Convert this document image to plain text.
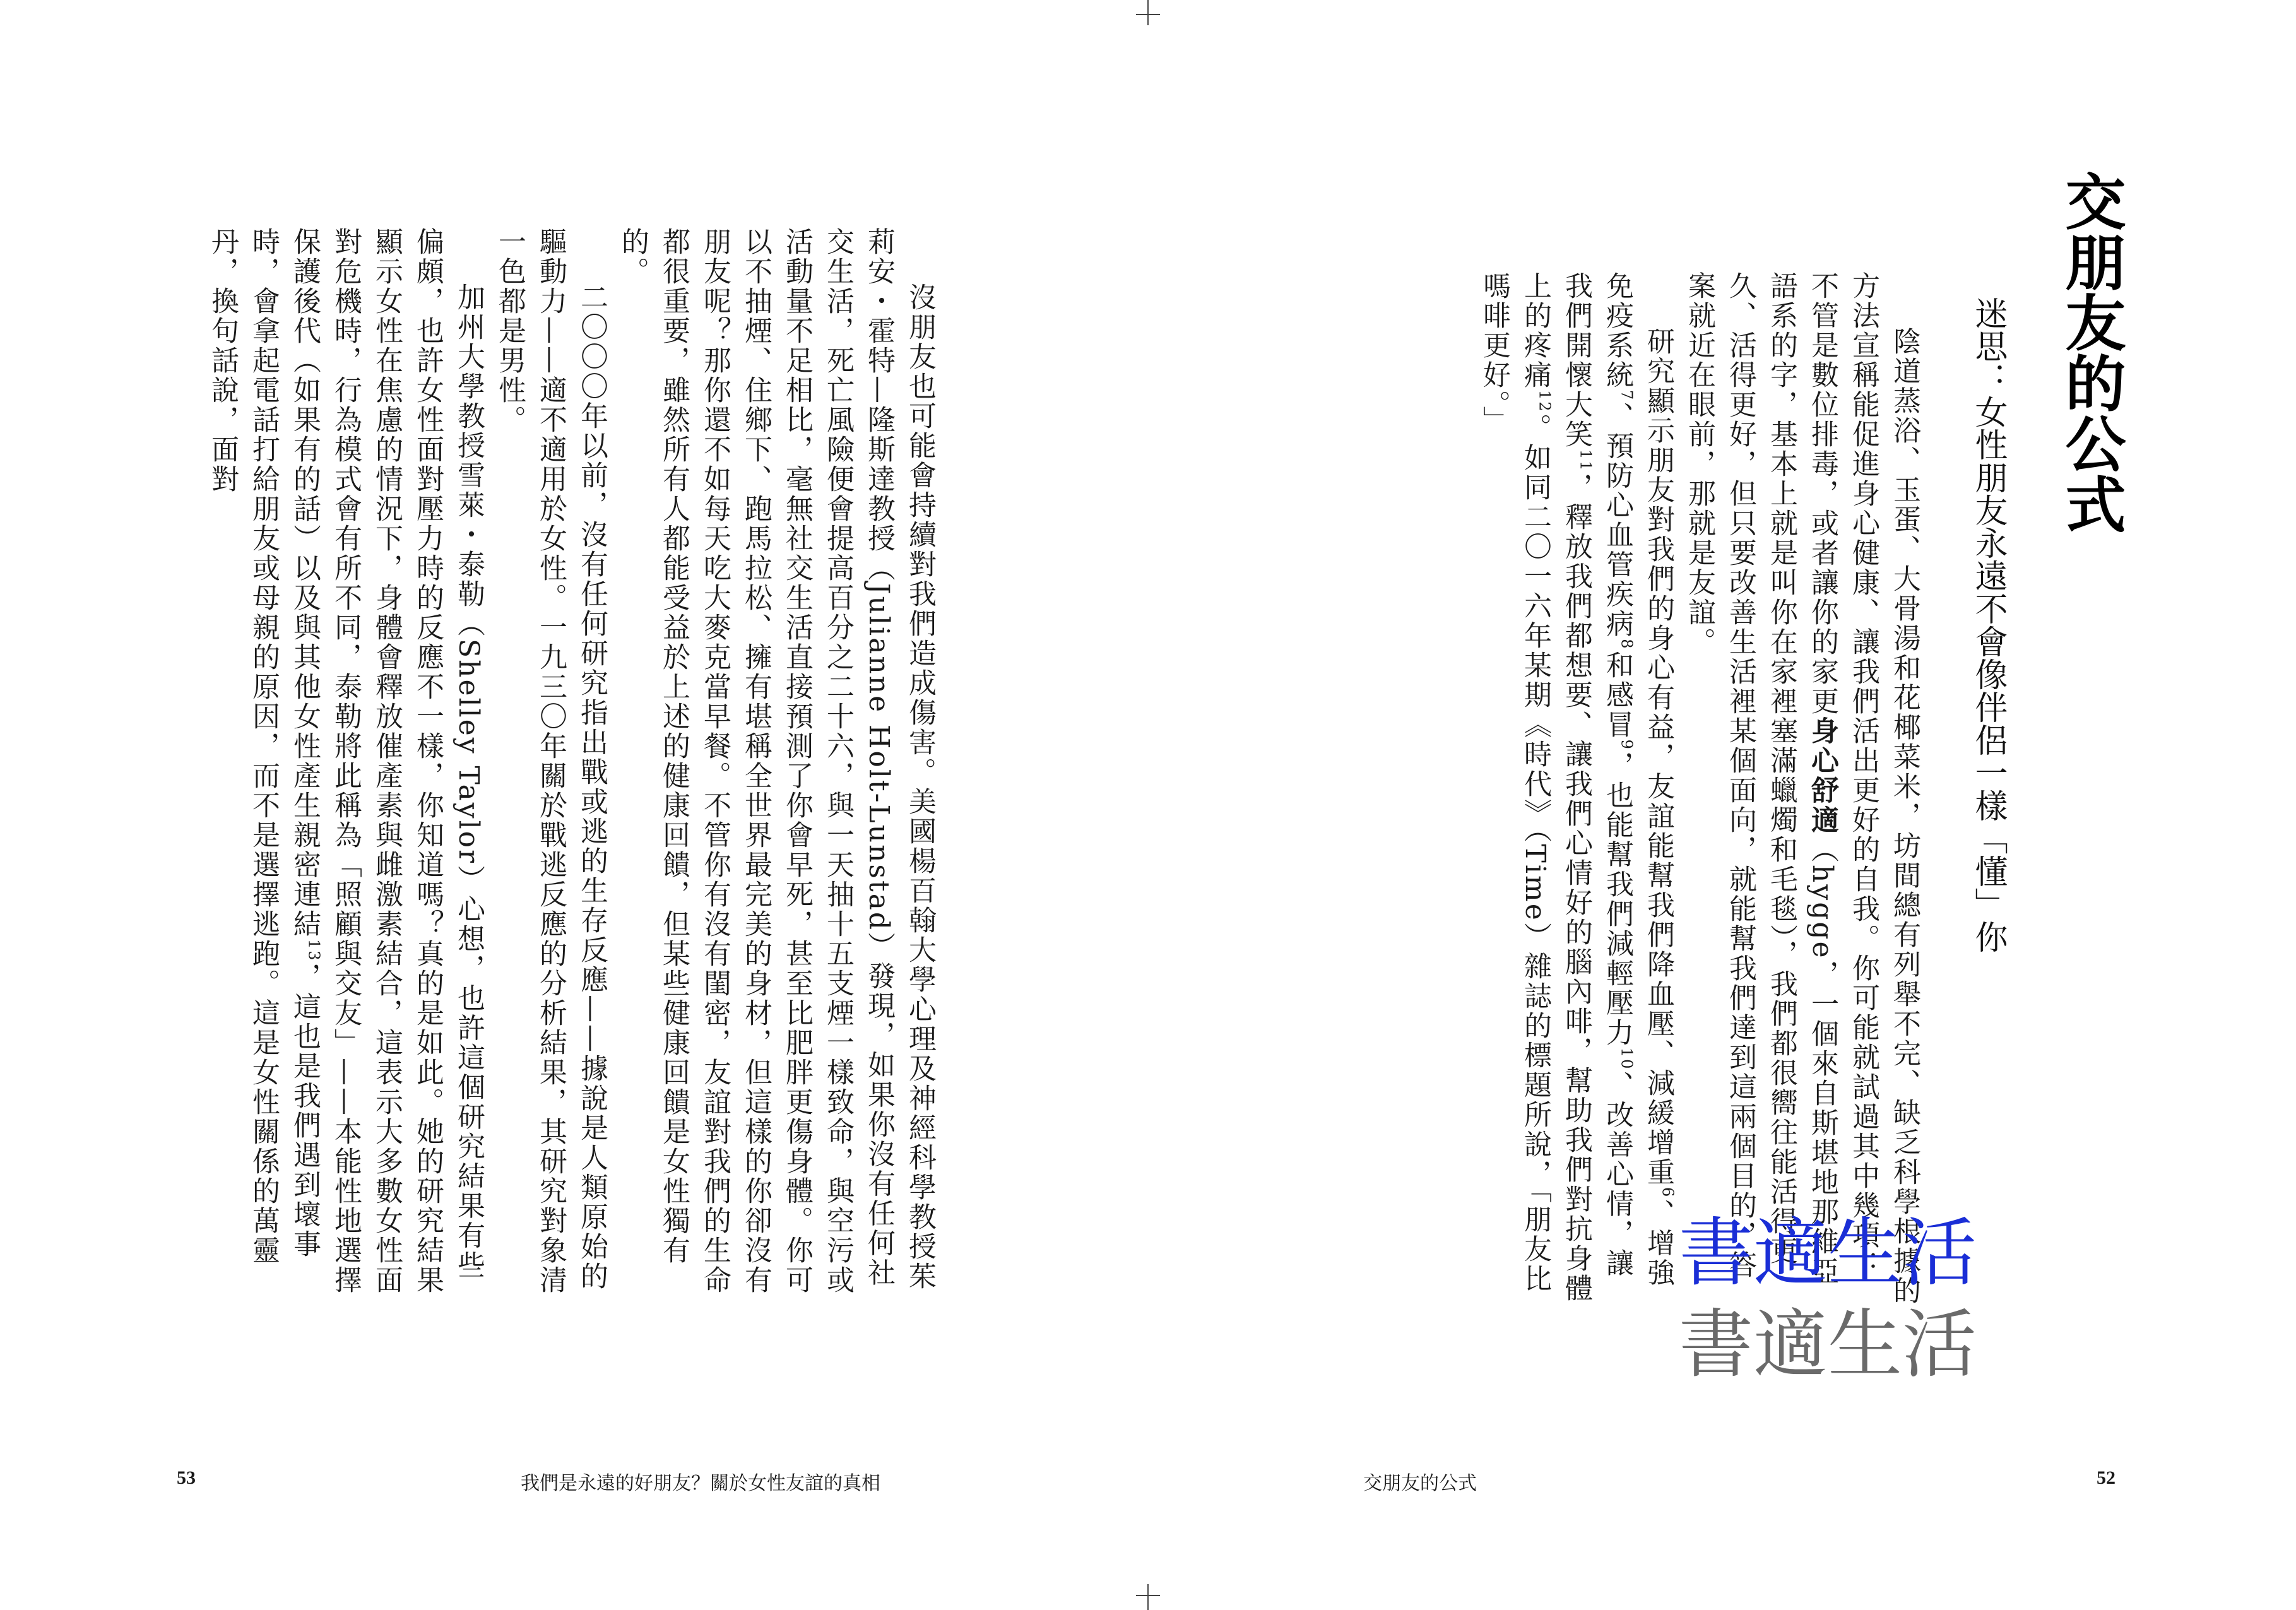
交朋友的公式
迷思：女性朋友永遠不會像伴侶一樣「懂」你

陰道蒸浴、玉蛋、大骨湯和花椰菜米，坊間總有列舉不完、缺乏科學根據的方法宣稱能促進身心健康、讓我們活出更好的自我。你可能就試過其中幾項：不管是數位排毒，或者讓你的家更身心舒適（hygge，一個來自斯堪地那維亞語系的字，基本上就是叫你在家裡塞滿蠟燭和毛毯），我們都很嚮往能活得更久、活得更好，但只要改善生活裡某個面向，就能幫我們達到這兩個目的，答案就近在眼前，那就是友誼。

研究顯示朋友對我們的身心有益，友誼能幫我們降血壓、減緩增重$^6$、增強免疫系統$^7$、預防心血管疾病$^8$和感冒$^9$，也能幫我們減輕壓力$^{10}$、改善心情，讓我們開懷大笑$^{11}$，釋放我們都想要、讓我們心情好的腦內啡，幫助我們對抗身體上的疼痛$^{12}$。如同二〇一六年某期《時代》（Time）雜誌的標題所說，「朋友比嗎啡更好。」

沒朋友也可能會持續對我們造成傷害。美國楊百翰大學心理及神經科學教授茱莉安・霍特—隆斯達教授（Julianne Holt-Lunstad）發現，如果你沒有任何社交生活，死亡風險便會提高百分之二十六，與一天抽十五支煙一樣致命，與空污或活動量不足相比，毫無社交生活直接預測了你會早死，甚至比肥胖更傷身體。你可以不抽煙、住鄉下、跑馬拉松、擁有堪稱全世界最完美的身材，但這樣的你卻沒有朋友呢？那你還不如每天吃大麥克當早餐。不管你有沒有閨密，友誼對我們的生命都很重要，雖然所有人都能受益於上述的健康回饋，但某些健康回饋是女性獨有的。

二〇〇〇年以前，沒有任何研究指出戰或逃的生存反應——據說是人類原始的驅動力——適不適用於女性。一九三〇年關於戰逃反應的分析結果，其研究對象清一色都是男性。

加州大學教授雪萊・泰勒（Shelley Taylor）心想，也許這個研究結果有些偏頗，也許女性面對壓力時的反應不一樣，你知道嗎？真的是如此。她的研究結果顯示女性在焦慮的情況下，身體會釋放催產素與雌激素結合，這表示大多數女性面對危機時，行為模式會有所不同，泰勒將此稱為「照顧與交友」——本能性地選擇保護後代（如果有的話）以及與其他女性產生親密連結$^{13}$，這也是我們遇到壞事時，會拿起電話打給朋友或母親的原因，而不是選擇逃跑。這是女性關係的萬靈丹，換句話說，面對

書適生活
書適生活
53	我們是永遠的好朋友？關於女性友誼的真相	交朋友的公式	52
